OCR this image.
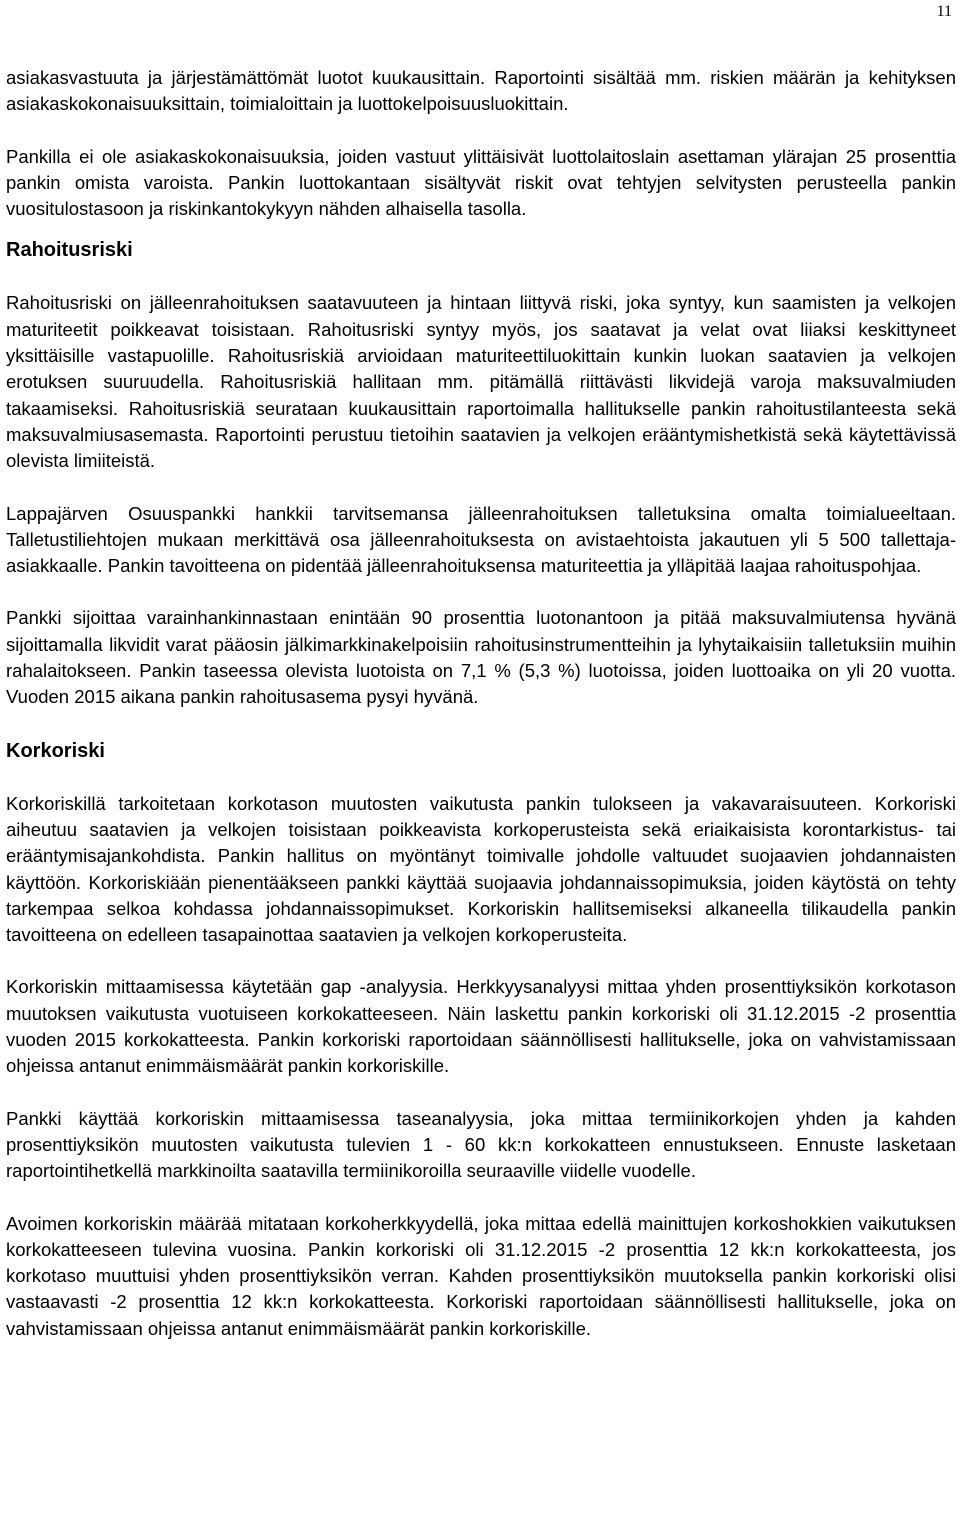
11

asiakasvastuuta ja järjestämättömät luotot kuukausittain. Raportointi sisältää mm. riskien määrän ja kehityksen asiakaskokonaisuuksittain, toimialoittain ja luottokelpoisuusluokittain.

Pankilla ei ole asiakaskokonaisuuksia, joiden vastuut ylittäisivät luottolaitoslain asettaman ylärajan 25 prosenttia pankin omista varoista. Pankin luottokantaan sisältyvät riskit ovat tehtyjen selvitysten perusteella pankin vuositulostasoon ja riskinkantokykyyn nähden alhaisella tasolla.

Rahoitusriski

Rahoitusriski on jälleenrahoituksen saatavuuteen ja hintaan liittyvä riski, joka syntyy, kun saamisten ja velkojen maturiteetit poikkeavat toisistaan. Rahoitusriski syntyy myös, jos saatavat ja velat ovat liiaksi keskittyneet yksittäisille vastapuolille. Rahoitusriskiä arvioidaan maturiteettiluokittain kunkin luokan saatavien ja velkojen erotuksen suuruudella. Rahoitusriskiä hallitaan mm. pitämällä riittävästi likvidejä varoja maksuvalmiuden takaamiseksi. Rahoitusriskiä seurataan kuukausittain raportoimalla hallitukselle pankin rahoitustilanteesta sekä maksuvalmiusasemasta. Raportointi perustuu tietoihin saatavien ja velkojen erääntymishetkistä sekä käytettävissä olevista limiiteistä.

Lappajärven Osuuspankki hankkii tarvitsemansa jälleenrahoituksen talletuksina omalta toimialueeltaan. Talletustiliehtojen mukaan merkittävä osa jälleenrahoituksesta on avistaehtoista jakautuen yli 5 500 tallettaja-asiakkaalle. Pankin tavoitteena on pidentää jälleenrahoituksensa maturiteettia ja ylläpitää laajaa rahoituspohjaa.

Pankki sijoittaa varainhankinnastaan enintään 90 prosenttia luotonantoon ja pitää maksuvalmiutensa hyvänä sijoittamalla likvidit varat pääosin jälkimarkkinakelpoisiin rahoitusinstrumentteihin ja lyhytaikaisiin talletuksiin muihin rahalaitokseen. Pankin taseessa olevista luotoista on 7,1 % (5,3 %) luotoissa, joiden luottoaika on yli 20 vuotta. Vuoden 2015 aikana pankin rahoitusasema pysyi hyvänä.

Korkoriski

Korkoriskillä tarkoitetaan korkotason muutosten vaikutusta pankin tulokseen ja vakavaraisuuteen. Korkoriski aiheutuu saatavien ja velkojen toisistaan poikkeavista korkoperusteista sekä eriaikaisista korontarkistus- tai erääntymisajankohdista. Pankin hallitus on myöntänyt toimivalle johdolle valtuudet suojaavien johdannaisten käyttöön. Korkoriskiään pienentääkseen pankki käyttää suojaavia johdannaissopimuksia, joiden käytöstä on tehty tarkempaa selkoa kohdassa johdannaissopimukset. Korkoriskin hallitsemiseksi alkaneella tilikaudella pankin tavoitteena on edelleen tasapainottaa saatavien ja velkojen korkoperusteita.

Korkoriskin mittaamisessa käytetään gap -analyysia. Herkkyysanalyysi mittaa yhden prosenttiyksikön korkotason muutoksen vaikutusta vuotuiseen korkokatteeseen. Näin laskettu pankin korkoriski oli 31.12.2015 -2 prosenttia vuoden 2015 korkokatteesta. Pankin korkoriski raportoidaan säännöllisesti hallitukselle, joka on vahvistamissaan ohjeissa antanut enimmäismäärät pankin korkoriskille.

Pankki käyttää korkoriskin mittaamisessa taseanalyysia, joka mittaa termiinikorkojen yhden ja kahden prosenttiyksikön muutosten vaikutusta tulevien 1 - 60 kk:n korkokatteen ennustukseen. Ennuste lasketaan raportointihetkellä markkinoilta saatavilla termiinikoroilla seuraaville viidelle vuodelle.

Avoimen korkoriskin määrää mitataan korkoherkkyydellä, joka mittaa edellä mainittujen korkoshokkien vaikutuksen korkokatteeseen tulevina vuosina. Pankin korkoriski oli 31.12.2015 -2 prosenttia 12 kk:n korkokatteesta, jos korkotaso muuttuisi yhden prosenttiyksikön verran. Kahden prosenttiyksikön muutoksella pankin korkoriski olisi vastaavasti -2 prosenttia 12 kk:n korkokatteesta. Korkoriski raportoidaan säännöllisesti hallitukselle, joka on vahvistamissaan ohjeissa antanut enimmäismäärät pankin korkoriskille.
